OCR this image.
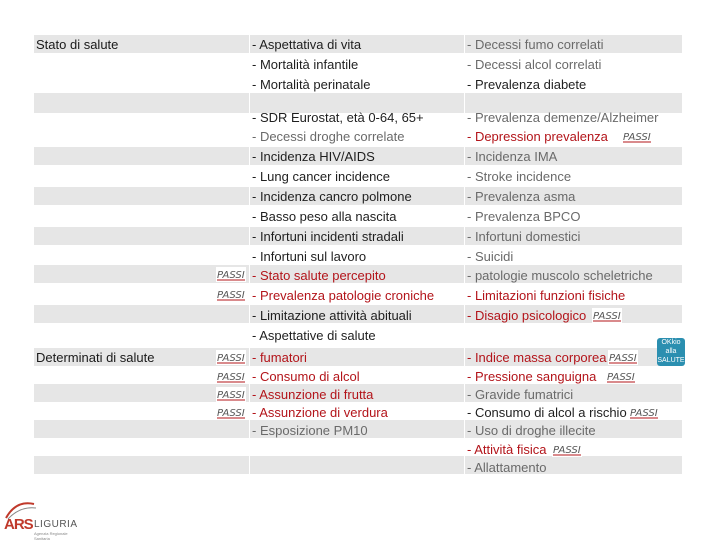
Stato di salute
Determinati di salute
- Aspettativa di vita
- Mortalità infantile
- Mortalità perinatale
- Decessi fumo correlati
- Decessi alcol correlati
- Prevalenza diabete
- SDR Eurostat, età 0-64, 65+
- Decessi droghe correlate
- Incidenza HIV/AIDS
- Lung cancer incidence
- Incidenza cancro polmone
- Basso peso alla nascita
- Infortuni incidenti stradali
- Infortuni sul lavoro
- Stato salute percepito
- Prevalenza patologie croniche
- Limitazione attività abituali
- Aspettative di salute
- Prevalenza demenze/Alzheimer
- Depression prevalenza PASSI
- Incidenza IMA
- Stroke incidence
- Prevalenza asma
- Prevalenza BPCO
- Infortuni domestici
- Suicidi
- patologie muscolo scheletriche
- Limitazioni funzioni fisiche
- Disagio psicologico PASSI
PASSI
PASSI
PASSI
PASSI
PASSI
PASSI
- fumatori
- Consumo di alcol
- Assunzione di frutta
- Assunzione di verdura
- Esposizione PM10
- Indice massa corporea PASSI
- Pressione sanguigna PASSI
- Gravide fumatrici
- Consumo di alcol a rischio PASSI
- Uso di droghe illecite
- Attività fisica PASSI
- Allattamento
OKkio alla SALUTE
ARS LIGURIA
Agenzia Regionale Sanitaria
